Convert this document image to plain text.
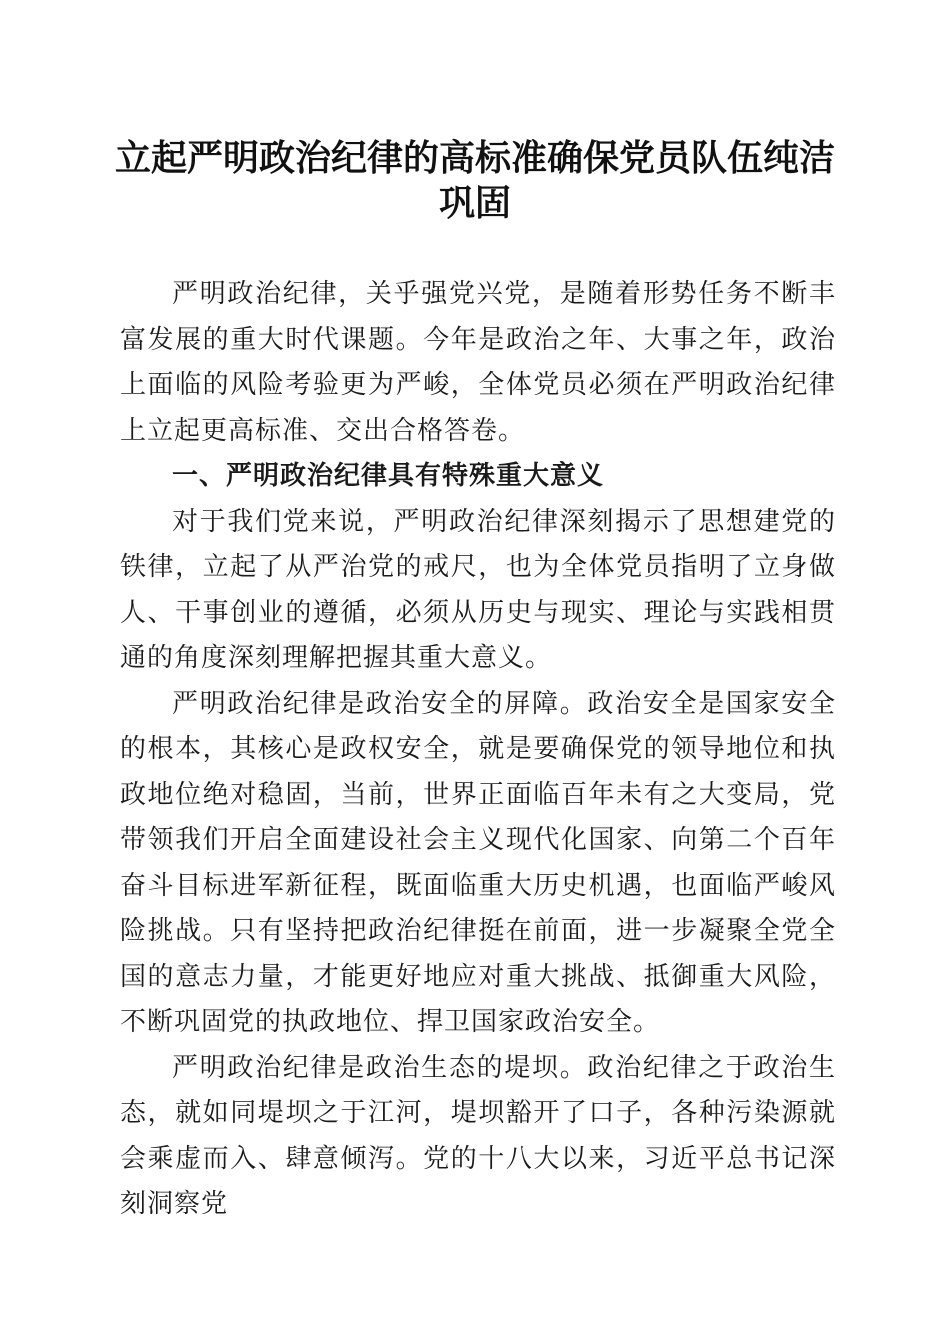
立起严明政治纪律的高标准确保党员队伍纯洁巩固

严明政治纪律，关乎强党兴党，是随着形势任务不断丰富发展的重大时代课题。今年是政治之年、大事之年，政治上面临的风险考验更为严峻，全体党员必须在严明政治纪律上立起更高标准、交出合格答卷。

一、严明政治纪律具有特殊重大意义

对于我们党来说，严明政治纪律深刻揭示了思想建党的铁律，立起了从严治党的戒尺，也为全体党员指明了立身做人、干事创业的遵循，必须从历史与现实、理论与实践相贯通的角度深刻理解把握其重大意义。

严明政治纪律是政治安全的屏障。政治安全是国家安全的根本，其核心是政权安全，就是要确保党的领导地位和执政地位绝对稳固，当前，世界正面临百年未有之大变局，党带领我们开启全面建设社会主义现代化国家、向第二个百年奋斗目标进军新征程，既面临重大历史机遇，也面临严峻风险挑战。只有坚持把政治纪律挺在前面，进一步凝聚全党全国的意志力量，才能更好地应对重大挑战、抵御重大风险，不断巩固党的执政地位、捍卫国家政治安全。

严明政治纪律是政治生态的堤坝。政治纪律之于政治生态，就如同堤坝之于江河，堤坝豁开了口子，各种污染源就会乘虚而入、肆意倾泻。党的十八大以来，习近平总书记深刻洞察党
